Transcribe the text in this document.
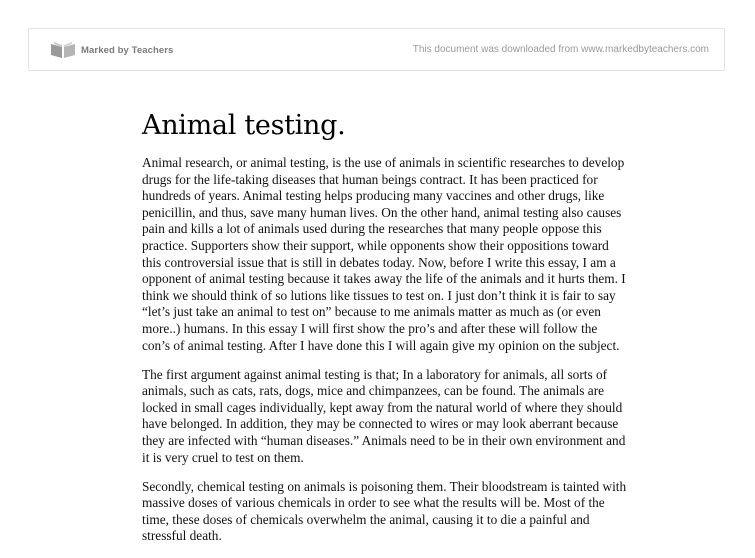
Marked by Teachers	This document was downloaded from www.markedbyteachers.com
Animal testing.

Animal research, or animal testing, is the use of animals in scientific researches to develop drugs for the life-taking diseases that human beings contract. It has been practiced for hundreds of years. Animal testing helps producing many vaccines and other drugs, like penicillin, and thus, save many human lives. On the other hand, animal testing also causes pain and kills a lot of animals used during the researches that many people oppose this practice. Supporters show their support, while opponents show their oppositions toward this controversial issue that is still in debates today. Now, before I write this essay, I am a opponent of animal testing because it takes away the life of the animals and it hurts them. I think we should think of so lutions like tissues to test on. I just don’t think it is fair to say “let’s just take an animal to test on” because to me animals matter as much as (or even more..) humans. In this essay I will first show the pro’s and after these will follow the con’s of animal testing. After I have done this I will again give my opinion on the subject.

The first argument against animal testing is that; In a laboratory for animals, all sorts of animals, such as cats, rats, dogs, mice and chimpanzees, can be found. The animals are locked in small cages individually, kept away from the natural world of where they should have belonged. In addition, they may be connected to wires or may look aberrant because they are infected with “human diseases.” Animals need to be in their own environment and it is very cruel to test on them.

Secondly, chemical testing on animals is poisoning them. Their bloodstream is tainted with massive doses of various chemicals in order to see what the results will be. Most of the time, these doses of chemicals overwhelm the animal, causing it to die a painful and stressful death.
